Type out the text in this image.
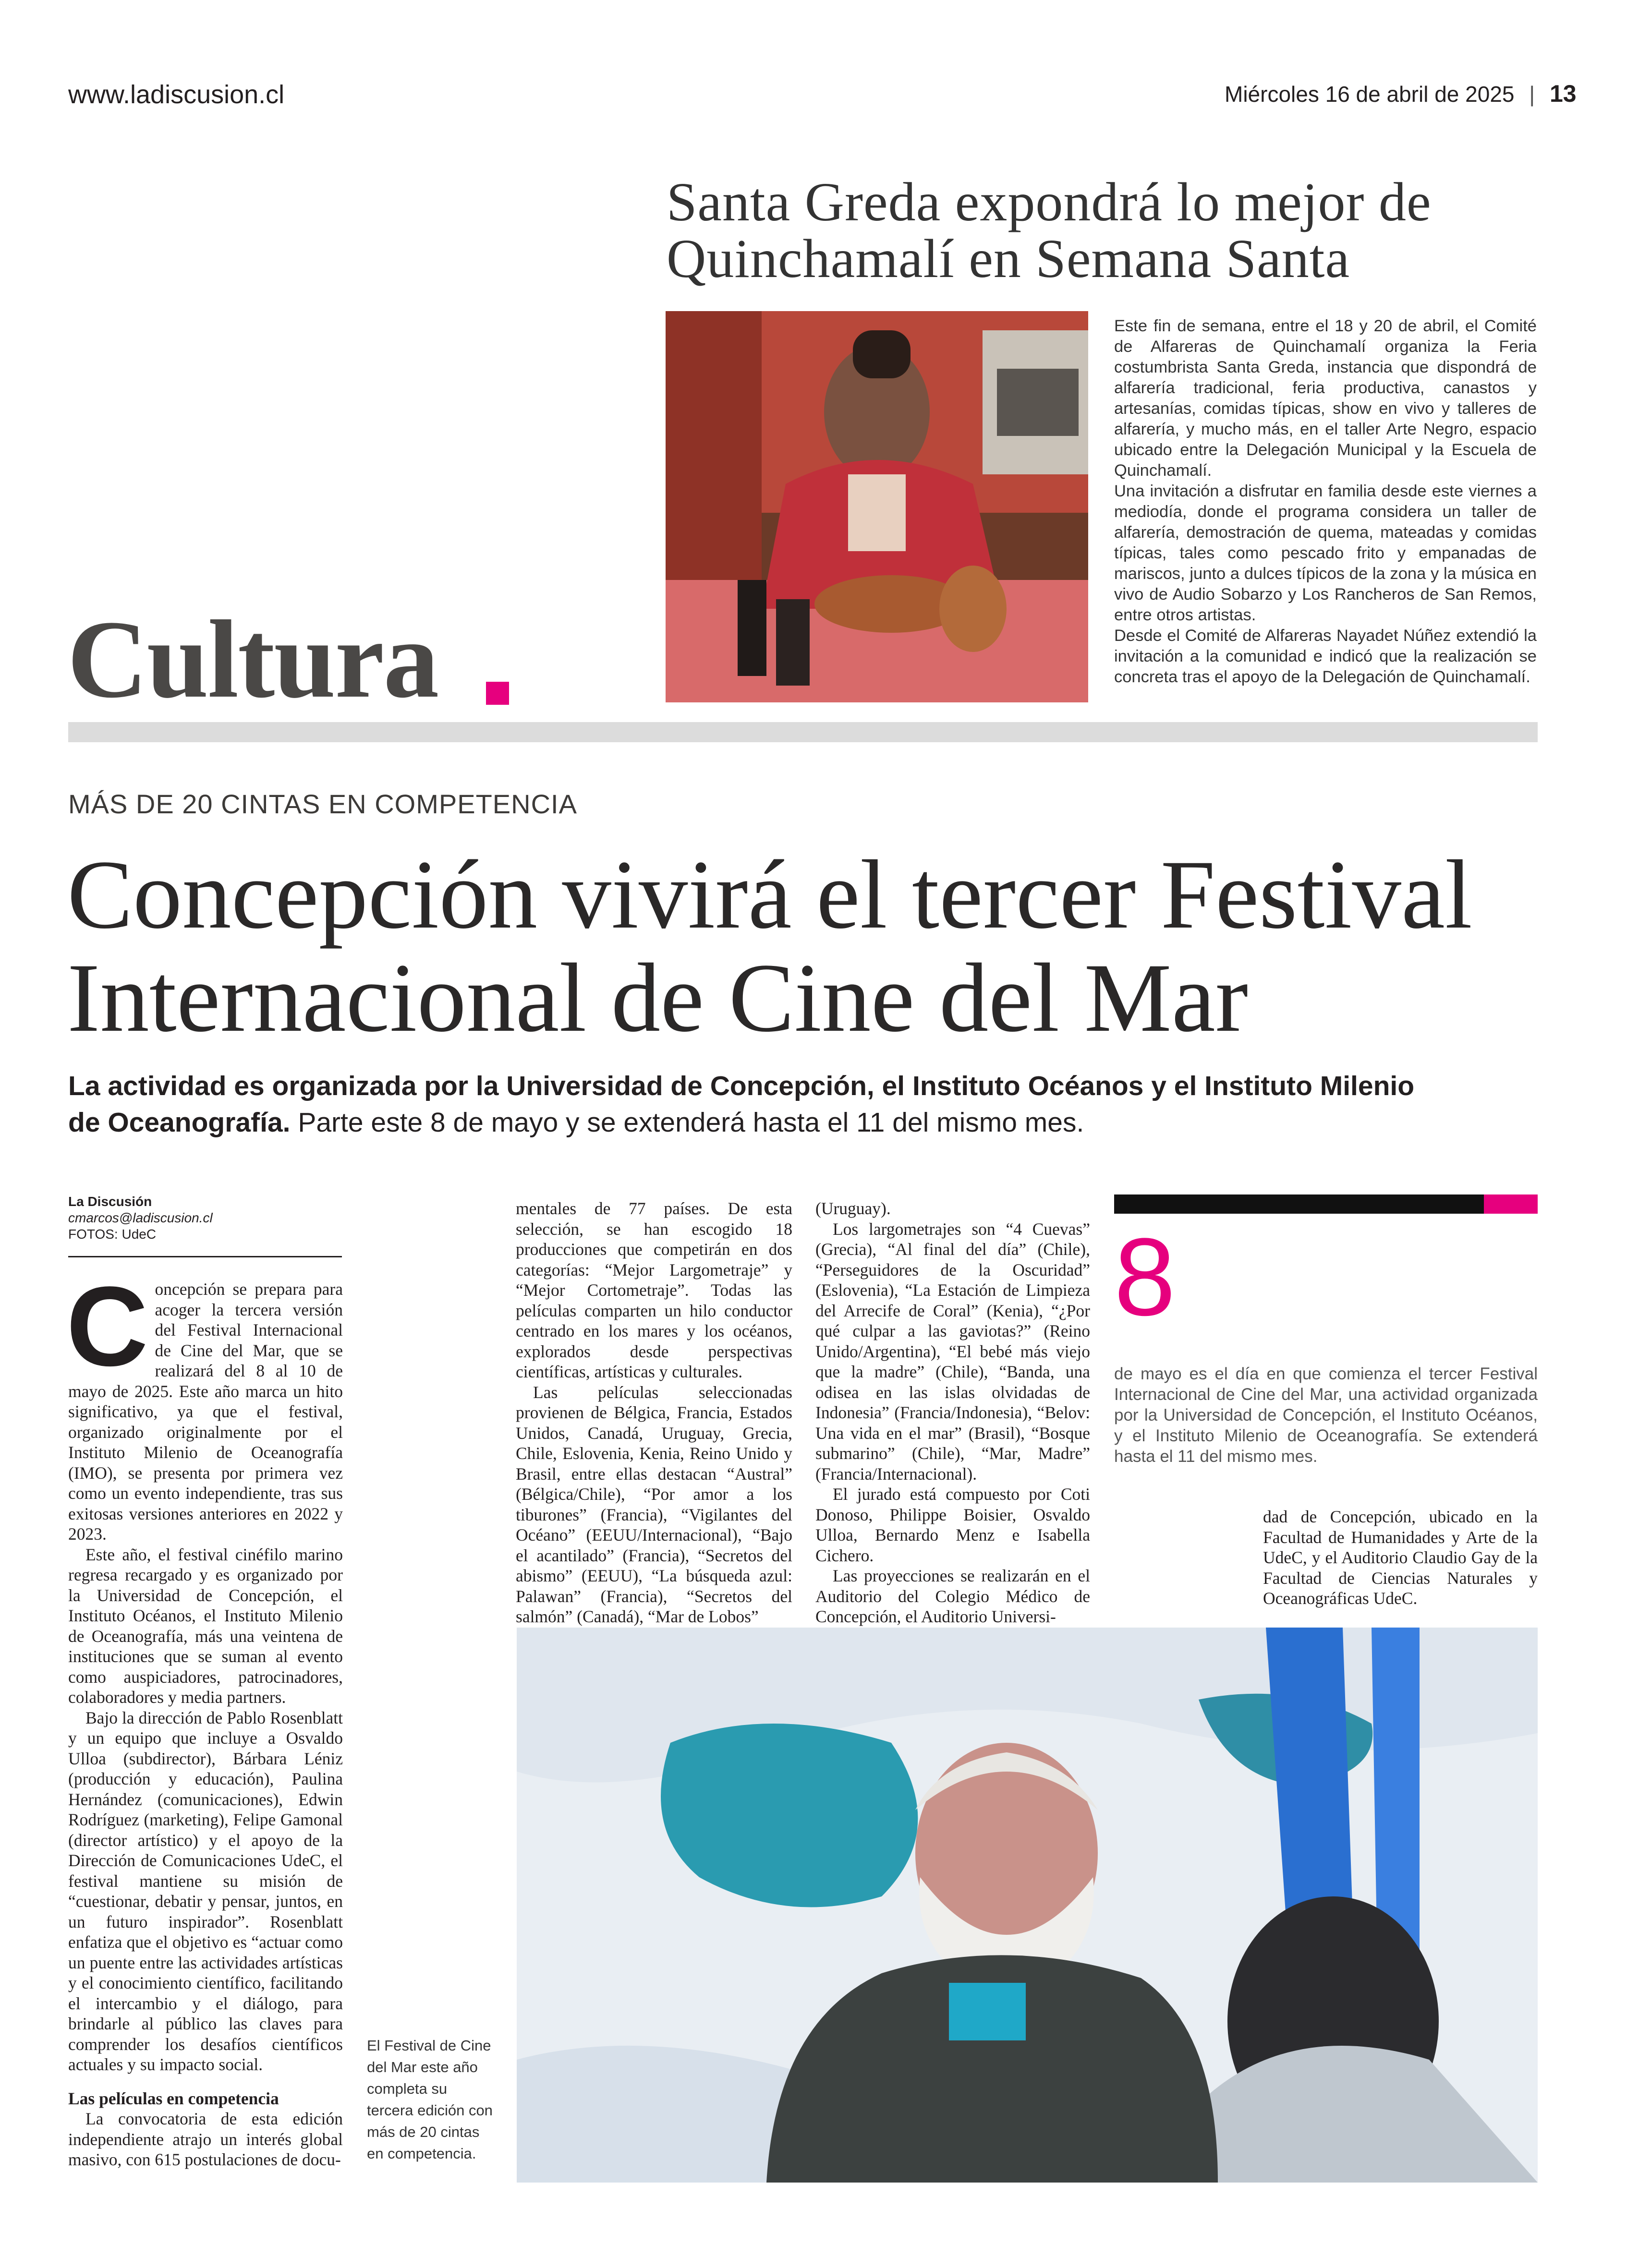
www.ladiscusion.cl	Miércoles 16 de abril de 2025 | 13
Santa Greda expondrá lo mejor de
Quinchamalí en Semana Santa

Este fin de semana, entre el 18 y 20 de abril, el Comité de Alfareras de Quinchamalí organiza la Feria costumbrista Santa Greda, instancia que dispondrá de alfarería tradicional, feria productiva, canastos y artesanías, comidas típicas, show en vivo y talleres de alfarería, y mucho más, en el taller Arte Negro, espacio ubicado entre la Delegación Municipal y la Escuela de Quinchamalí.

Una invitación a disfrutar en familia desde este viernes a mediodía, donde el programa considera un taller de alfarería, demostración de quema, mateadas y comidas típicas, tales como pescado frito y empanadas de mariscos, junto a dulces típicos de la zona y la música en vivo de Audio Sobarzo y Los Rancheros de San Remos, entre otros artistas.

Desde el Comité de Alfareras Nayadet Núñez extendió la invitación a la comunidad e indicó que la realización se concreta tras el apoyo de la Delegación de Quinchamalí.

Cultura
MÁS DE 20 CINTAS EN COMPETENCIA
Concepción vivirá el tercer Festival
Internacional de Cine del Mar
La actividad es organizada por la Universidad de Concepción, el Instituto Océanos y el Instituto Milenio de Oceanografía. Parte este 8 de mayo y se extenderá hasta el 11 del mismo mes.
La Discusión
cmarcos@ladiscusion.cl
FOTOS: UdeC
C oncepción se prepara para acoger la tercera versión del Festival Internacional de Cine del Mar, que se realizará del 8 al 10 de mayo de 2025. Este año marca un hito significativo, ya que el festival, organizado originalmente por el Instituto Milenio de Oceanografía (IMO), se presenta por primera vez como un evento independiente, tras sus exitosas versiones anteriores en 2022 y 2023.

Este año, el festival cinéfilo marino regresa recargado y es organizado por la Universidad de Concepción, el Instituto Océanos, el Instituto Milenio de Oceanografía, más una veintena de instituciones que se suman al evento como auspiciadores, patrocinadores, colaboradores y media partners.

Bajo la dirección de Pablo Rosenblatt y un equipo que incluye a Osvaldo Ulloa (subdirector), Bárbara Léniz (producción y educación), Paulina Hernández (comunicaciones), Edwin Rodríguez (marketing), Felipe Gamonal (director artístico) y el apoyo de la Dirección de Comunicaciones UdeC, el festival mantiene su misión de “cuestionar, debatir y pensar, juntos, en un futuro inspirador”. Rosenblatt enfatiza que el objetivo es “actuar como un puente entre las actividades artísticas y el conocimiento científico, facilitando el intercambio y el diálogo, para brindarle al público las claves para comprender los desafíos científicos actuales y su impacto social.

Las películas en competencia

La convocatoria de esta edición independiente atrajo un interés global masivo, con 615 postulaciones de docu-

mentales de 77 países. De esta selección, se han escogido 18 producciones que competirán en dos categorías: “Mejor Largometraje” y “Mejor Cortometraje”. Todas las películas comparten un hilo conductor centrado en los mares y los océanos, explorados desde perspectivas científicas, artísticas y culturales.

Las películas seleccionadas provienen de Bélgica, Francia, Estados Unidos, Canadá, Uruguay, Grecia, Chile, Eslovenia, Kenia, Reino Unido y Brasil, entre ellas destacan “Austral” (Bélgica/Chile), “Por amor a los tiburones” (Francia), “Vigilantes del Océano” (EEUU/Internacional), “Bajo el acantilado” (Francia), “Secretos del abismo” (EEUU), “La búsqueda azul: Palawan” (Francia), “Secretos del salmón” (Canadá), “Mar de Lobos”

(Uruguay).

Los largometrajes son “4 Cuevas” (Grecia), “Al final del día” (Chile), “Perseguidores de la Oscuridad” (Eslovenia), “La Estación de Limpieza del Arrecife de Coral” (Kenia), “¿Por qué culpar a las gaviotas?” (Reino Unido/Argentina), “El bebé más viejo que la madre” (Chile), “Banda, una odisea en las islas olvidadas de Indonesia” (Francia/Indonesia), “Belov: Una vida en el mar” (Brasil), “Bosque submarino” (Chile), “Mar, Madre” (Francia/Internacional).

El jurado está compuesto por Coti Donoso, Philippe Boisier, Osvaldo Ulloa, Bernardo Menz e Isabella Cichero.

Las proyecciones se realizarán en el Auditorio del Colegio Médico de Concepción, el Auditorio Universi-

8
de mayo es el día en que comienza el tercer Festival Internacional de Cine del Mar, una actividad organizada por la Universidad de Concepción, el Instituto Océanos, y el Instituto Milenio de Oceanografía. Se extenderá hasta el 11 del mismo mes.
dad de Concepción, ubicado en la Facultad de Humanidades y Arte de la UdeC, y el Auditorio Claudio Gay de la Facultad de Ciencias Naturales y Oceanográficas UdeC.
El Festival de Cine del Mar este año completa su tercera edición con más de 20 cintas en competencia.
